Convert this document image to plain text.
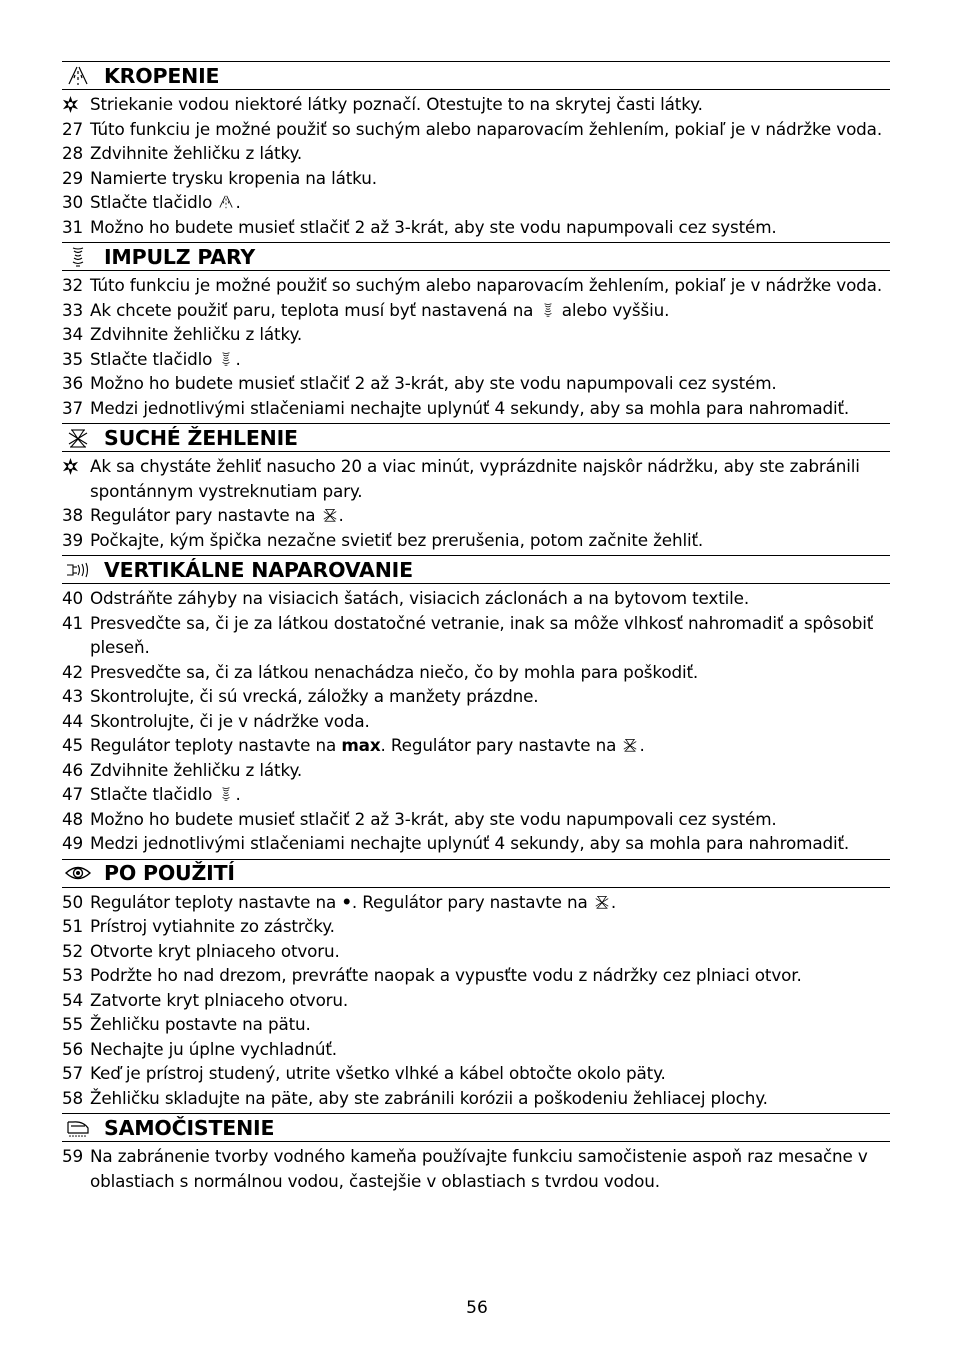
KROPENIE
Striekanie vodou niektoré látky poznačí. Otestujte to na skrytej časti látky.
27 Túto funkciu je možné použiť so suchým alebo naparovacím žehlením, pokiaľ je v nádržke voda.
28 Zdvihnite žehličku z látky.
29 Namierte trysku kropenia na látku.
30 Stlačte tlačidlo .
31 Možno ho budete musieť stlačiť 2 až 3-krát, aby ste vodu napumpovali cez systém.
IMPULZ PARY
32 Túto funkciu je možné použiť so suchým alebo naparovacím žehlením, pokiaľ je v nádržke voda.
33 Ak chcete použiť paru, teplota musí byť nastavená na  alebo vyššiu.
34 Zdvihnite žehličku z látky.
35 Stlačte tlačidlo .
36 Možno ho budete musieť stlačiť 2 až 3-krát, aby ste vodu napumpovali cez systém.
37 Medzi jednotlivými stlačeniami nechajte uplynúť 4 sekundy, aby sa mohla para nahromadiť.
SUCHÉ ŽEHLENIE
Ak sa chystáte žehliť nasucho 20 a viac minút, vyprázdnite najskôr nádržku, aby ste zabránili spontánnym vystreknutiam pary.
38 Regulátor pary nastavte na .
39 Počkajte, kým špička nezačne svietiť bez prerušenia, potom začnite žehliť.
VERTIKÁLNE NAPAROVANIE
40 Odstráňte záhyby na visiacich šatách, visiacich záclonách a na bytovom textile.
41 Presvedčte sa, či je za látkou dostatočné vetranie, inak sa môže vlhkosť nahromadiť a spôsobiť pleseň.
42 Presvedčte sa, či za látkou nenachádza niečo, čo by mohla para poškodiť.
43 Skontrolujte, či sú vrecká, záložky a manžety prázdne.
44 Skontrolujte, či je v nádržke voda.
45 Regulátor teploty nastavte na max. Regulátor pary nastavte na .
46 Zdvihnite žehličku z látky.
47 Stlačte tlačidlo .
48 Možno ho budete musieť stlačiť 2 až 3-krát, aby ste vodu napumpovali cez systém.
49 Medzi jednotlivými stlačeniami nechajte uplynúť 4 sekundy, aby sa mohla para nahromadiť.
PO POUŽITÍ
50 Regulátor teploty nastavte na •. Regulátor pary nastavte na .
51 Prístroj vytiahnite zo zástrčky.
52 Otvorte kryt plniaceho otvoru.
53 Podržte ho nad drezom, prevráťte naopak a vypusťte vodu z nádržky cez plniaci otvor.
54 Zatvorte kryt plniaceho otvoru.
55 Žehličku postavte na pätu.
56 Nechajte ju úplne vychladnúť.
57 Keď je prístroj studený, utrite všetko vlhké a kábel obtočte okolo päty.
58 Žehličku skladujte na päte, aby ste zabránili korózii a poškodeniu žehliacej plochy.
SAMOČISTENIE
59 Na zabránenie tvorby vodného kameňa používajte funkciu samočistenie aspoň raz mesačne v oblastiach s normálnou vodou, častejšie v oblastiach s tvrdou vodou.
56
